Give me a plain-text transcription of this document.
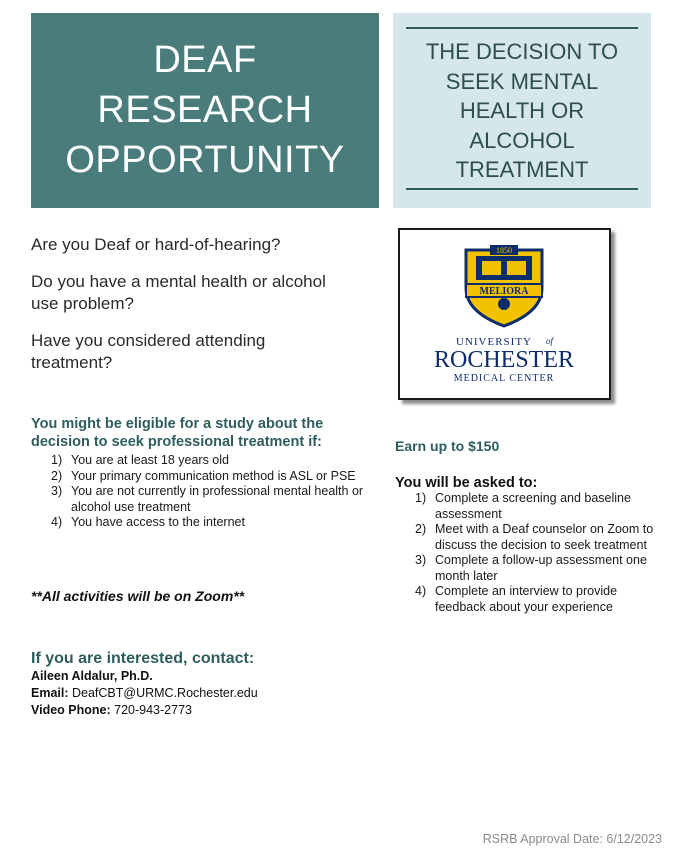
DEAF
RESEARCH
OPPORTUNITY
THE DECISION TO
SEEK MENTAL
HEALTH OR
ALCOHOL
TREATMENT

Are you Deaf or hard-of-hearing?

Do you have a mental health or alcohol use problem?

Have you considered attending treatment?

1850
MELIORA
UNIVERSITY of
ROCHESTER
MEDICAL CENTER
You might be eligible for a study about the decision to seek professional treatment if:
1) You are at least 18 years old
2) Your primary communication method is ASL or PSE
3) You are not currently in professional mental health or alcohol use treatment
4) You have access to the internet
**All activities will be on Zoom**
If you are interested, contact:
Aileen Aldalur, Ph.D.
Email: DeafCBT@URMC.Rochester.edu
Video Phone: 720-943-2773
Earn up to $150
You will be asked to:
1) Complete a screening and baseline assessment
2) Meet with a Deaf counselor on Zoom to discuss the decision to seek treatment
3) Complete a follow-up assessment one month later
4) Complete an interview to provide feedback about your experience
RSRB Approval Date: 6/12/2023
